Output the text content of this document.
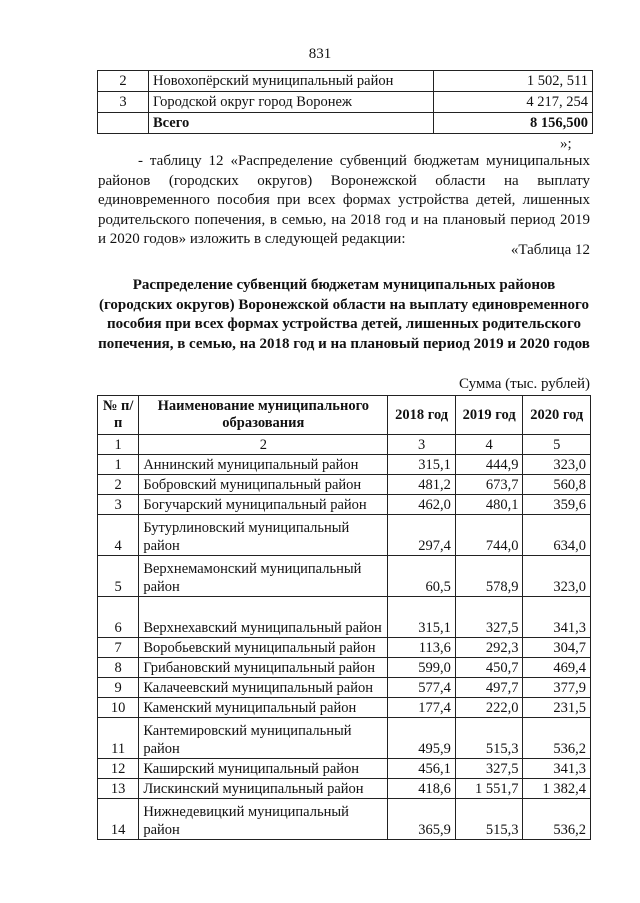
831
2	Новохопёрский муниципальный район	1 502, 511
3	Городской округ город Воронеж	4 217, 254
	Всего	8 156,500
»;
- таблицу 12 «Распределение субвенций бюджетам муниципальных районов (городских округов) Воронежской области на выплату единовременного пособия при всех формах устройства детей, лишенных родительского попечения, в семью, на 2018 год и на плановый период 2019 и 2020 годов» изложить в следующей редакции:
«Таблица 12
Распределение субвенций бюджетам муниципальных районов (городских округов) Воронежской области на выплату единовременного пособия при всех формах устройства детей, лишенных родительского попечения, в семью, на 2018 год и на плановый период 2019 и 2020 годов
Сумма (тыс. рублей)
№ п/п	Наименование муниципального образования	2018 год	2019 год	2020 год
1	2	3	4	5
1	Аннинский муниципальный район	315,1	444,9	323,0
2	Бобровский муниципальный район	481,2	673,7	560,8
3	Богучарский муниципальный район	462,0	480,1	359,6
4	Бутурлиновский муниципальный район	297,4	744,0	634,0
5	Верхнемамонский муниципальный район	60,5	578,9	323,0
6	Верхнехавский муниципальный район	315,1	327,5	341,3
7	Воробьевский муниципальный район	113,6	292,3	304,7
8	Грибановский муниципальный район	599,0	450,7	469,4
9	Калачеевский муниципальный район	577,4	497,7	377,9
10	Каменский муниципальный район	177,4	222,0	231,5
11	Кантемировский муниципальный район	495,9	515,3	536,2
12	Каширский муниципальный район	456,1	327,5	341,3
13	Лискинский муниципальный район	418,6	1 551,7	1 382,4
14	Нижнедевицкий муниципальный район	365,9	515,3	536,2
